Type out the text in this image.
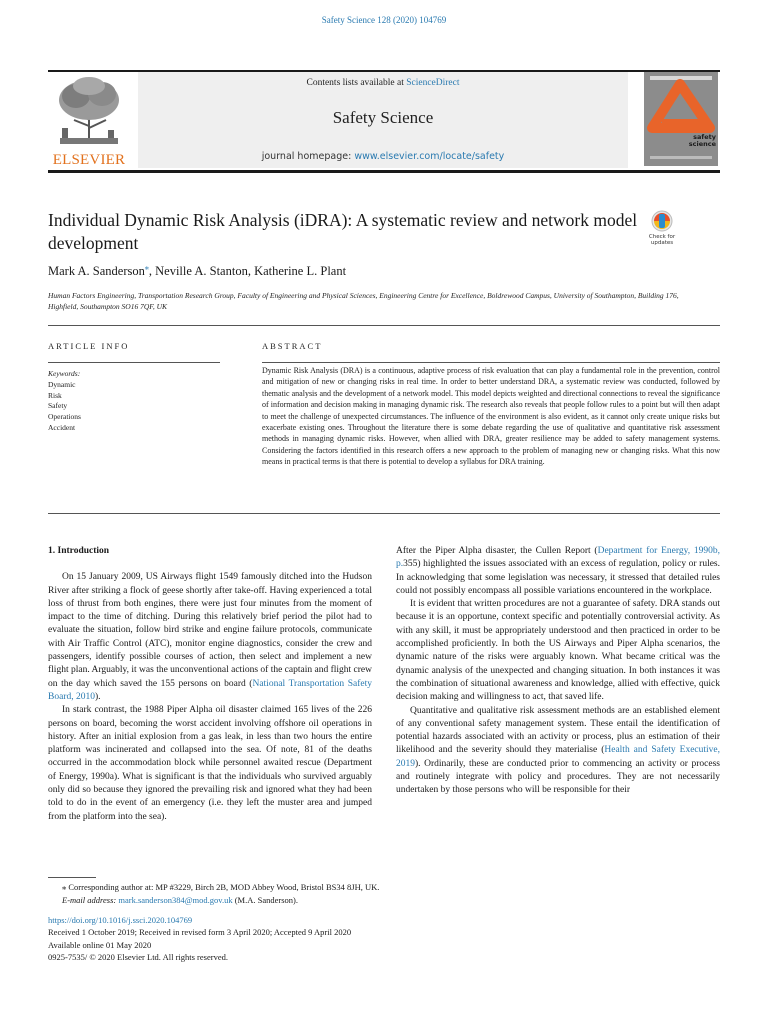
Safety Science 128 (2020) 104769
ELSEVIER
Contents lists available at ScienceDirect
Safety Science
journal homepage: www.elsevier.com/locate/safety
safety science
Individual Dynamic Risk Analysis (iDRA): A systematic review and network model development	Check for updates
Mark A. Sanderson⁎, Neville A. Stanton, Katherine L. Plant
Human Factors Engineering, Transportation Research Group, Faculty of Engineering and Physical Sciences, Engineering Centre for Excellence, Boldrewood Campus, University of Southampton, Building 176, Highfield, Southampton SO16 7QF, UK
ARTICLE INFO	ABSTRACT
Keywords:
Dynamic
Risk
Safety
Operations
Accident
Dynamic Risk Analysis (DRA) is a continuous, adaptive process of risk evaluation that can play a fundamental role in the prevention, control and mitigation of new or changing risks in real time. In order to better understand DRA, a systematic review was conducted, followed by thematic analysis and the development of a network model. This model depicts weighted and directional connections to reveal the significance of information and decision making in managing dynamic risk. The research also reveals that people follow rules to a point but will then adapt to meet the challenge of unexpected circumstances. The influence of the environment is also evident, as it cannot only create unique risks but exacerbate existing ones. Throughout the literature there is some debate regarding the use of qualitative and quantitative risk assessment methods in managing dynamic risks. However, when allied with DRA, greater resilience may be added to safety management systems. Considering the factors identified in this research offers a new approach to the problem of managing new or changing risks. What this now means in practical terms is that there is potential to develop a syllabus for DRA training.
1. Introduction

On 15 January 2009, US Airways flight 1549 famously ditched into the Hudson River after striking a flock of geese shortly after take-off. Having experienced a total loss of thrust from both engines, there were just four minutes from the moment of impact to the time of ditching. During this relatively brief period the pilot had to evaluate the situation, follow bird strike and engine failure protocols, communicate with Air Traffic Control (ATC), monitor engine diagnostics, consider the crew and passengers, identify possible courses of action, then select and implement a new flight plan. Arguably, it was the unconventional actions of the captain and flight crew on the day which saved the 155 persons on board (National Transportation Safety Board, 2010).

In stark contrast, the 1988 Piper Alpha oil disaster claimed 165 lives of the 226 persons on board, becoming the worst accident involving offshore oil operations in history. After an initial explosion from a gas leak, in less than two hours the entire platform was incinerated and collapsed into the sea. Of note, 81 of the deaths occurred in the accommodation block while personnel awaited rescue (Department of Energy, 1990a). What is significant is that the individuals who survived arguably only did so because they ignored the prevailing risk and ignored what they had been told to do in the event of an emergency (i.e. they left the muster area and jumped from the platform into the sea).

After the Piper Alpha disaster, the Cullen Report (Department for Energy, 1990b, p.355) highlighted the issues associated with an excess of regulation, policy or rules. In acknowledging that some legislation was necessary, it stressed that detailed rules could not possibly encompass all possible variations encountered in the workplace.

It is evident that written procedures are not a guarantee of safety. DRA stands out because it is an opportune, context specific and potentially controversial activity. As with any skill, it must be appropriately understood and then practiced in order to be accomplished proficiently. In both the US Airways and Piper Alpha scenarios, the dynamic nature of the risks were arguably known. What became critical was the dynamic analysis of the unexpected and changing situation. In both instances it was the combination of situational awareness and knowledge, allied with effective, quick decision making and willingness to act, that saved life.

Quantitative and qualitative risk assessment methods are an established element of any conventional safety management system. These entail the identification of potential hazards associated with an activity or process, plus an estimation of their likelihood and the severity should they materialise (Health and Safety Executive, 2019). Ordinarily, these are conducted prior to commencing an activity or process and routinely integrate with policy and procedures. They are not necessarily undertaken by those persons who will be responsible for their

⁎ Corresponding author at: MP #3229, Birch 2B, MOD Abbey Wood, Bristol BS34 8JH, UK.
E-mail address: mark.sanderson384@mod.gov.uk (M.A. Sanderson).
https://doi.org/10.1016/j.ssci.2020.104769
Received 1 October 2019; Received in revised form 3 April 2020; Accepted 9 April 2020
Available online 01 May 2020
0925-7535/ © 2020 Elsevier Ltd. All rights reserved.
